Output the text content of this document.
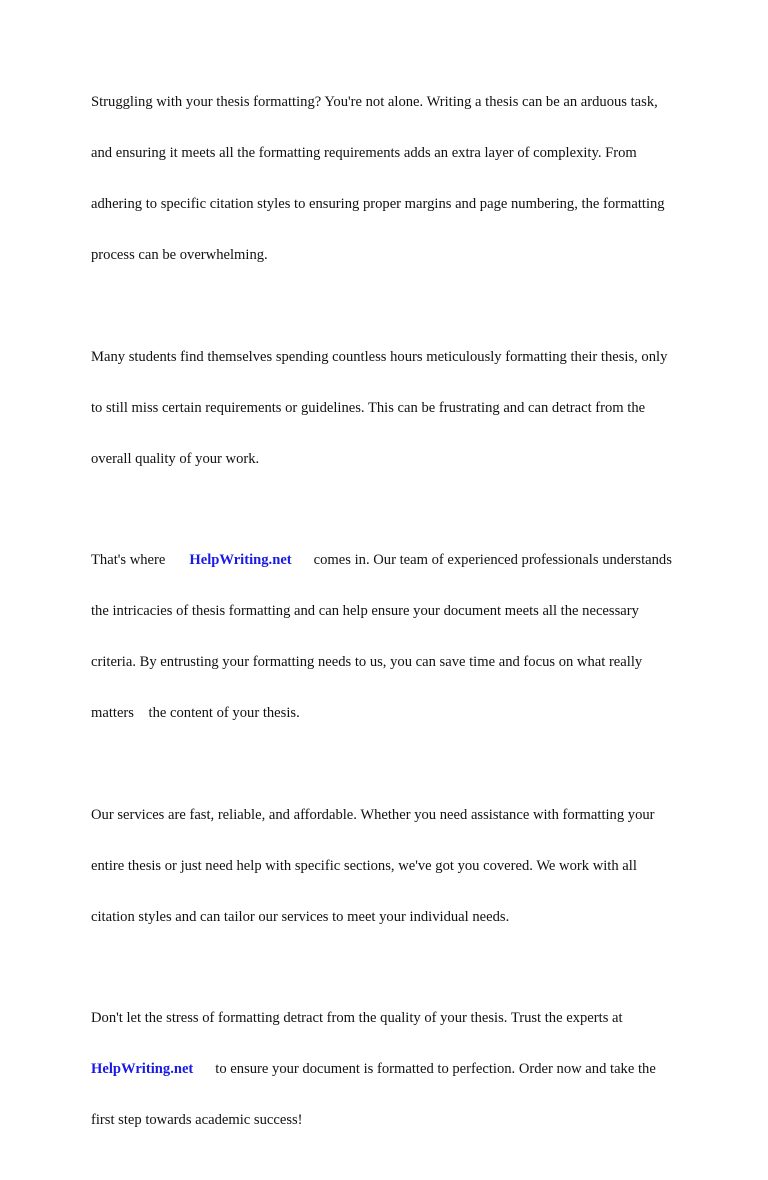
Struggling with your thesis formatting? You're not alone. Writing a thesis can be an arduous task,

and ensuring it meets all the formatting requirements adds an extra layer of complexity. From

adhering to specific citation styles to ensuring proper margins and page numbering, the formatting

process can be overwhelming.

Many students find themselves spending countless hours meticulously formatting their thesis, only

to still miss certain requirements or guidelines. This can be frustrating and can detract from the

overall quality of your work.

That's where HelpWriting.net comes in. Our team of experienced professionals understands

the intricacies of thesis formatting and can help ensure your document meets all the necessary

criteria. By entrusting your formatting needs to us, you can save time and focus on what really

matters    the content of your thesis.

Our services are fast, reliable, and affordable. Whether you need assistance with formatting your

entire thesis or just need help with specific sections, we've got you covered. We work with all

citation styles and can tailor our services to meet your individual needs.

Don't let the stress of formatting detract from the quality of your thesis. Trust the experts at

HelpWriting.net to ensure your document is formatted to perfection. Order now and take the

first step towards academic success!
